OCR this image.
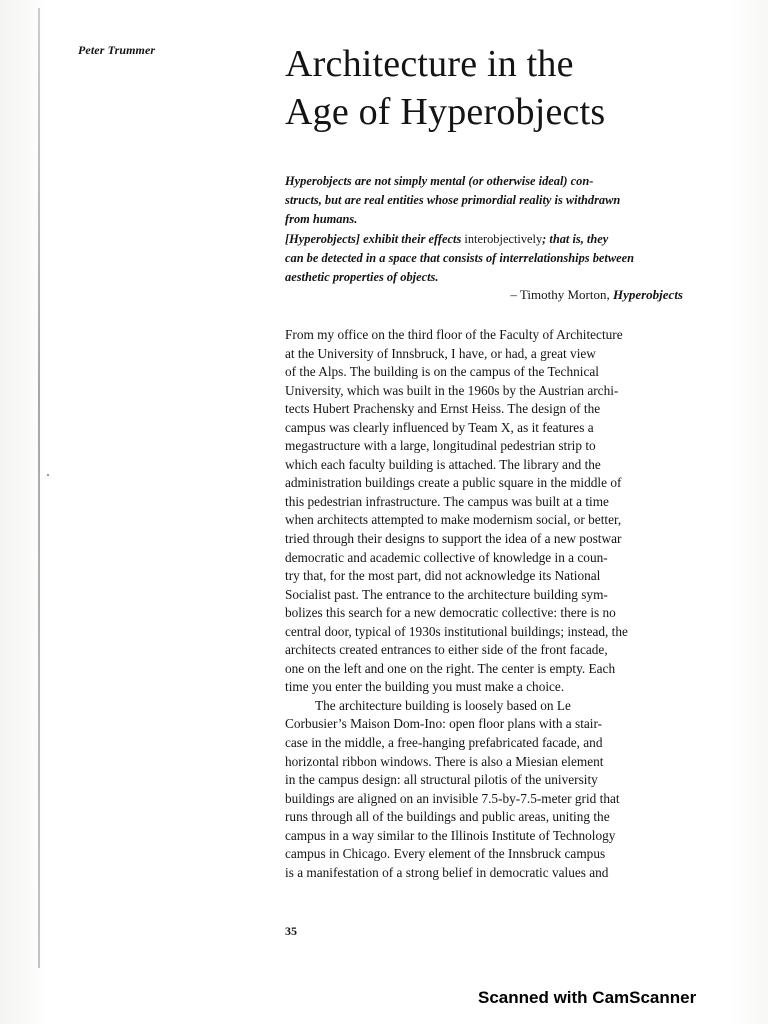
Peter Trummer	Architecture in the
Age of Hyperobjects
Hyperobjects are not simply mental (or otherwise ideal) con-
structs, but are real entities whose primordial reality is withdrawn
from humans.
[Hyperobjects] exhibit their effects interobjectively; that is, they
can be detected in a space that consists of interrelationships between
aesthetic properties of objects.
– Timothy Morton, Hyperobjects
From my office on the third floor of the Faculty of Architecture
at the University of Innsbruck, I have, or had, a great view
of the Alps. The building is on the campus of the Technical
University, which was built in the 1960s by the Austrian archi-
tects Hubert Prachensky and Ernst Heiss. The design of the
campus was clearly influenced by Team X, as it features a
megastructure with a large, longitudinal pedestrian strip to
which each faculty building is attached. The library and the
administration buildings create a public square in the middle of
this pedestrian infrastructure. The campus was built at a time
when architects attempted to make modernism social, or better,
tried through their designs to support the idea of a new postwar
democratic and academic collective of knowledge in a coun-
try that, for the most part, did not acknowledge its National
Socialist past. The entrance to the architecture building sym-
bolizes this search for a new democratic collective: there is no
central door, typical of 1930s institutional buildings; instead, the
architects created entrances to either side of the front facade,
one on the left and one on the right. The center is empty. Each
time you enter the building you must make a choice.
The architecture building is loosely based on Le
Corbusier’s Maison Dom-Ino: open floor plans with a stair-
case in the middle, a free-hanging prefabricated facade, and
horizontal ribbon windows. There is also a Miesian element
in the campus design: all structural pilotis of the university
buildings are aligned on an invisible 7.5-by-7.5-meter grid that
runs through all of the buildings and public areas, uniting the
campus in a way similar to the Illinois Institute of Technology
campus in Chicago. Every element of the Innsbruck campus
is a manifestation of a strong belief in democratic values and
35
Scanned with CamScanner
